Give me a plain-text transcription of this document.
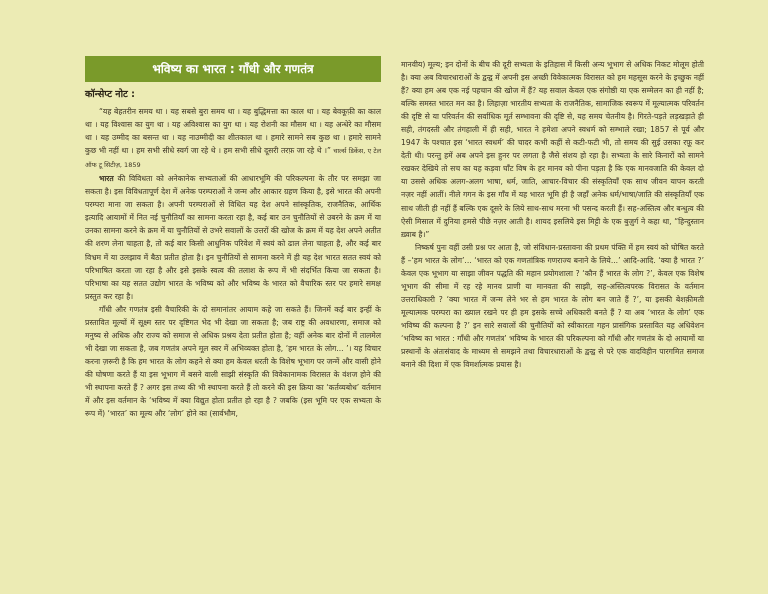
भविष्य का भारत : गाँधी और गणतंत्र
कॉन्सेप्ट नोट :

“यह बेहतरीन समय था । यह सबसे बुरा समय था । यह बुद्धिमत्ता का काल था । यह बेवकूफ़ी का काल था । यह विश्वास का युग था । यह अविश्वास का युग था । यह रोशनी का मौसम था । यह अन्धेरे का मौसम था । यह उम्मीद का बसन्त था । यह नाउम्मीदी का शीतकाल था । हमारे सामने सब कुछ था । हमारे सामने कुछ भी नहीं था । हम सभी सीधे स्वर्ग जा रहे थे । हम सभी सीधे दूसरी तरफ़ जा रहे थे ।” चार्ल्स डिकेंस, ए टेल ऑफ टू सिटीज़, 1859

भारत की विविधता को अनेकानेक सभ्यताओं की आधारभूमि की परिकल्पना के तौर पर समझा जा सकता है। इस विविधतापूर्ण देश में अनेक परम्पराओं ने जन्म और आकार ग्रहण किया है, इसे भारत की अपनी परम्परा माना जा सकता है। अपनी परम्पराओं से विधित यह देश अपने सांस्कृतिक, राजनैतिक, आर्थिक इत्यादि आयामों में नित नई चुनौतियाँ का सामना करता रहा है, कई बार उन चुनौतियों से उबरने के क्रम में या उनका सामना करने के क्रम में या चुनौतियों से उभरे सवालों के उत्तरों की खोज के क्रम में यह देश अपने अतीत की शरण लेना चाहता है, तो कई बार किसी आधुनिक परिवेश में स्वयं को ढाल लेना चाहता है, और कई बार विभ्रम में या उलझाव में बैठा प्रतीत होता है। इन चुनौतियों से सामना करने में ही यह देश भारत सतत स्वयं को परिभाषित करता जा रहा है और इसे इसके स्वत्व की तलाश के रूप में भी संदर्भित किया जा सकता है। परिभाषा का यह सतत उद्योग भारत के भविष्य को और भविष्य के भारत को वैचारिक स्तर पर हमारे समक्ष प्रस्तुत कर रहा है।

गाँधी और गणतंत्र इसी वैचारिकी के दो समानांतर आयाम कहे जा सकते हैं। जिनमें कई बार इन्हीं के प्रस्तावित मूल्यों में सूक्ष्म स्तर पर दृष्टिगत भेद भी देखा जा सकता है; जब राष्ट्र की अवधारणा, समाज को मनुष्य से अधिक और राज्य को समाज से अधिक प्रश्रय देता प्रतीत होता है; वहीं अनेक बार दोनों में तालमेल भी देखा जा सकता है, जब गणतंत्र अपने मूल स्वर में अभिव्यक्त होता है, ‘हम भारत के लोग... ’। यह विचार करना ज़रूरी है कि हम भारत के लोग कहने से क्या हम केवल धरती के विशेष भूभाग पर जन्में और वासी होने की घोषणा करते हैं या इस भूभाग में बसने वाली साझी संस्कृति की विवेकानामक विरासत के वंशज होने की भी स्थापना करते हैं ? अगर इस तथ्य की भी स्थापना करते हैं तो करने की इस क्रिया का ‘कर्तव्यबोध’ वर्तमान में और इस वर्तमान के ‘भविष्य में क्या विद्युत होता प्रतीत हो रहा है ? जबकि (इस भूमि पर एक सभ्यता के रूप में) ‘भारत’ का मूल्य और ‘लोग’ होने का (सार्वभौम,

मानवीय) मूल्य; इन दोनों के बीच की दूरी सभ्यता के इतिहास में किसी अन्य भूभाग से अधिक निकट मोलूम होती है। क्या अब विचारधाराओं के द्वन्द्व में अपनी इस अच्छी विवेकात्मक विरासत को हम महसूस करने के इच्छुक नहीं हैं? क्या हम अब एक नई पहचान की खोज में हैं? यह सवाल केवल एक संगोष्ठी या एक सम्मेलन का ही नहीं है; बल्कि समस्त भारत मन का है। लिहाज़ा भारतीय सभ्यता के राजनैतिक, सामाजिक स्वरूप में मूल्यात्मक परिवर्तन की दृष्टि से या परिवर्तन की सर्वाधिक मूर्त सम्भावना की दृष्टि से, यह समय चेतनीय है। गिरते-पड़ते लड़खड़ाते ही सही, तंगदस्ती और तंगहाली में ही सही, भारत ने हमेशा अपने स्वधर्म को सम्भाले रखा; 1857 से पूर्व और 1947 के पश्चात इस ‘भारत स्वधर्म’ की चादर कभी कहीं से कटी-फटी भी, तो समय की सुई उसका रफ़ू कर देती थी। परन्तु हमें अब अपने इस हुनर पर लगता है जैसे संशय हो रहा है। सभ्यता के सारे किनारों को सामने रखकर देखिये तो सच का यह कड़वा घाँट विष के हर मानव को पीना पड़ता है कि एक मानवजाति की केवल दो या उससे अधिक अलग-अलग भाषा, धर्म, जाति, आचार-विचार की संस्कृतियाँ एक साथ जीवन यापन करती नज़र नहीं आतीं। नीले गगन के इस गाँव में यह भारत भूमि ही है जहाँ अनेक धर्म/भाषा/जाति की संस्कृतियाँ एक साथ जीती ही नहीं हैं बल्कि एक दूसरे के लिये साथ-साथ मरना भी पसन्द करती हैं। सह-अस्तित्व और बन्धुत्व की ऐसी मिसाल में दुनिया हमसे पीछे नज़र आती है। शायद इसलिये इस मिट्टी के एक बुज़ुर्ग ने कहा था, “हिन्दुस्तान ख़्वाब है।”

निष्कर्ष पुनः वहीं उसी प्रश्न पर आता है, जो संविधान-प्रस्तावना की प्रथम पंक्ति में हम स्वयं को घोषित करते हैं –‘हम भारत के लोग’... ‘भारत को एक गणतांत्रिक गणराज्य बनाने के लिये...’ आदि-आदि. ‘क्या है भारत ?’ केवल एक भूभाग या साझा जीवन पद्धति की महान प्रयोगशाला ? ‘कौन हैं भारत के लोग ?’, केवल एक विशेष भूभाग की सीमा में रह रहे मानव प्राणी या मानवता की साझी, सह-अस्तित्वपरक विरासत के वर्तमान उत्तराधिकारी ? ‘क्या भारत में जन्म लेने भर से हम भारत के लोग बन जाते हैं ?’, या इसकी बेशक़ीमती मूल्यात्मक परम्परा का ख्याल रखने पर ही हम इसके सच्चे अधिकारी बनते हैं ? या अब ‘भारत के लोग’ एक भविष्य की कल्पना है ?’ इन सारे सवालों की चुनौतियों को स्वीकारता गहन प्रासंगिक प्रस्तावित यह अधिवेशन ‘भविष्य का भारत : गाँधी और गणतंत्र’ भविष्य के भारत की परिकल्पना को गाँधी और गणतंत्र के दो आयामों या प्रस्थानों के अंतःसंवाद के माध्यम से समझने तथा विचारधाराओं के द्वन्द्व से परे एक वादविहीन पारगमित समाज बनाने की दिशा में एक विमर्शात्मक प्रयास है।
